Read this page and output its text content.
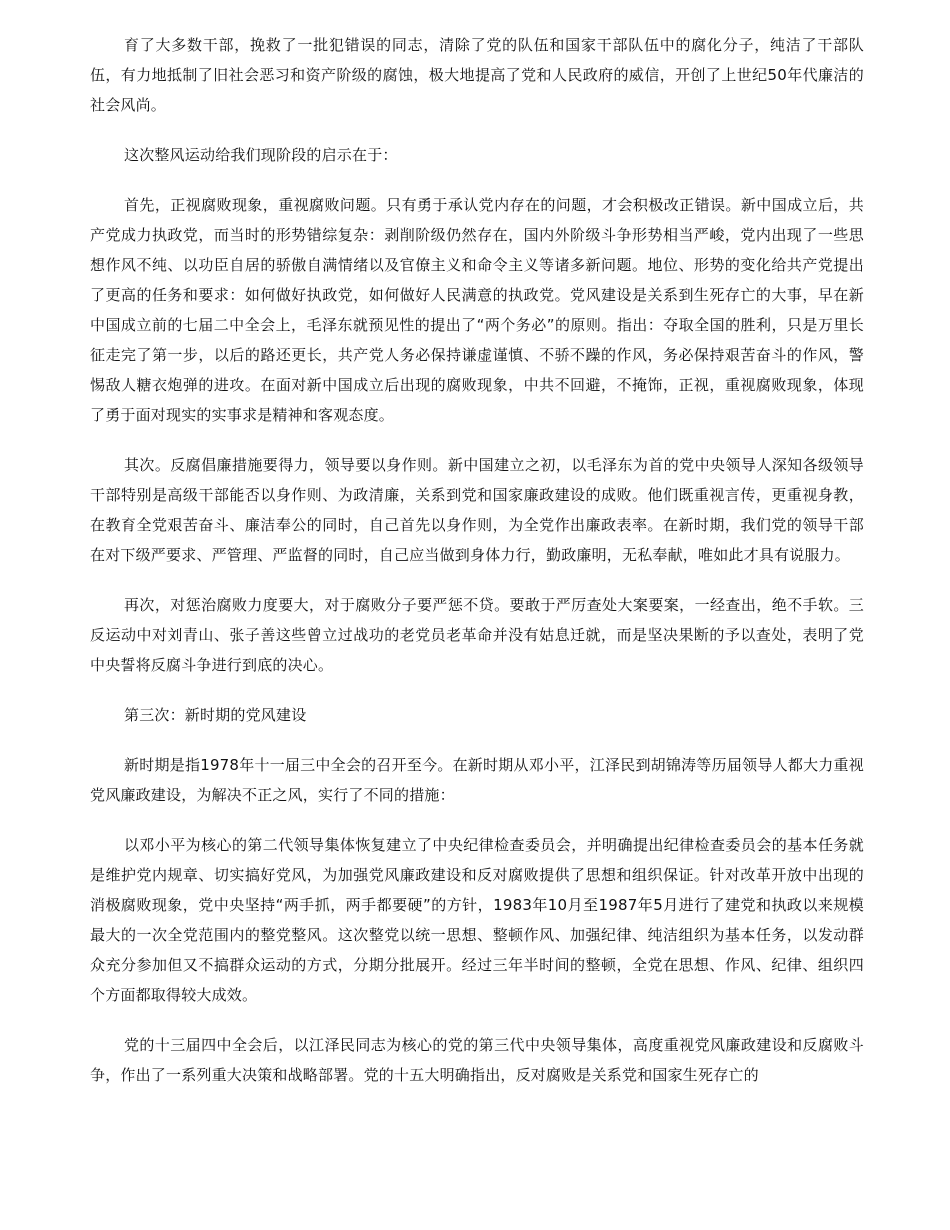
育了大多数干部，挽救了一批犯错误的同志，清除了党的队伍和国家干部队伍中的腐化分子，纯洁了干部队伍，有力地抵制了旧社会恶习和资产阶级的腐蚀，极大地提高了党和人民政府的威信，开创了上世纪50年代廉洁的社会风尚。

这次整风运动给我们现阶段的启示在于：

首先，正视腐败现象，重视腐败问题。只有勇于承认党内存在的问题，才会积极改正错误。新中国成立后，共产党成力执政党，而当时的形势错综复杂：剥削阶级仍然存在，国内外阶级斗争形势相当严峻，党内出现了一些思想作风不纯、以功臣自居的骄傲自满情绪以及官僚主义和命令主义等诸多新问题。地位、形势的变化给共产党提出了更高的任务和要求：如何做好执政党，如何做好人民满意的执政党。党风建设是关系到生死存亡的大事，早在新中国成立前的七届二中全会上，毛泽东就预见性的提出了“两个务必”的原则。指出：夺取全国的胜利，只是万里长征走完了第一步，以后的路还更长，共产党人务必保持谦虚谨慎、不骄不躁的作风，务必保持艰苦奋斗的作风，警惕敌人糖衣炮弹的进攻。在面对新中国成立后出现的腐败现象，中共不回避，不掩饰，正视，重视腐败现象，体现了勇于面对现实的实事求是精神和客观态度。

其次。反腐倡廉措施要得力，领导要以身作则。新中国建立之初，以毛泽东为首的党中央领导人深知各级领导干部特别是高级干部能否以身作则、为政清廉，关系到党和国家廉政建设的成败。他们既重视言传，更重视身教，在教育全党艰苦奋斗、廉洁奉公的同时，自己首先以身作则，为全党作出廉政表率。在新时期，我们党的领导干部在对下级严要求、严管理、严监督的同时，自己应当做到身体力行，勤政廉明，无私奉献，唯如此才具有说服力。

再次，对惩治腐败力度要大，对于腐败分子要严惩不贷。要敢于严厉查处大案要案，一经查出，绝不手软。三反运动中对刘青山、张子善这些曾立过战功的老党员老革命并没有姑息迁就，而是坚决果断的予以查处，表明了党中央誓将反腐斗争进行到底的决心。

第三次：新时期的党风建设

新时期是指1978年十一届三中全会的召开至今。在新时期从邓小平，江泽民到胡锦涛等历届领导人都大力重视党风廉政建设，为解决不正之风，实行了不同的措施：

以邓小平为核心的第二代领导集体恢复建立了中央纪律检查委员会，并明确提出纪律检查委员会的基本任务就是维护党内规章、切实搞好党风，为加强党风廉政建设和反对腐败提供了思想和组织保证。针对改革开放中出现的消极腐败现象，党中央坚持“两手抓，两手都要硬”的方针，1983年10月至1987年5月进行了建党和执政以来规模最大的一次全党范围内的整党整风。这次整党以统一思想、整顿作风、加强纪律、纯洁组织为基本任务，以发动群众充分参加但又不搞群众运动的方式，分期分批展开。经过三年半时间的整顿，全党在思想、作风、纪律、组织四个方面都取得较大成效。

党的十三届四中全会后，以江泽民同志为核心的党的第三代中央领导集体，高度重视党风廉政建设和反腐败斗争，作出了一系列重大决策和战略部署。党的十五大明确指出，反对腐败是关系党和国家生死存亡的
